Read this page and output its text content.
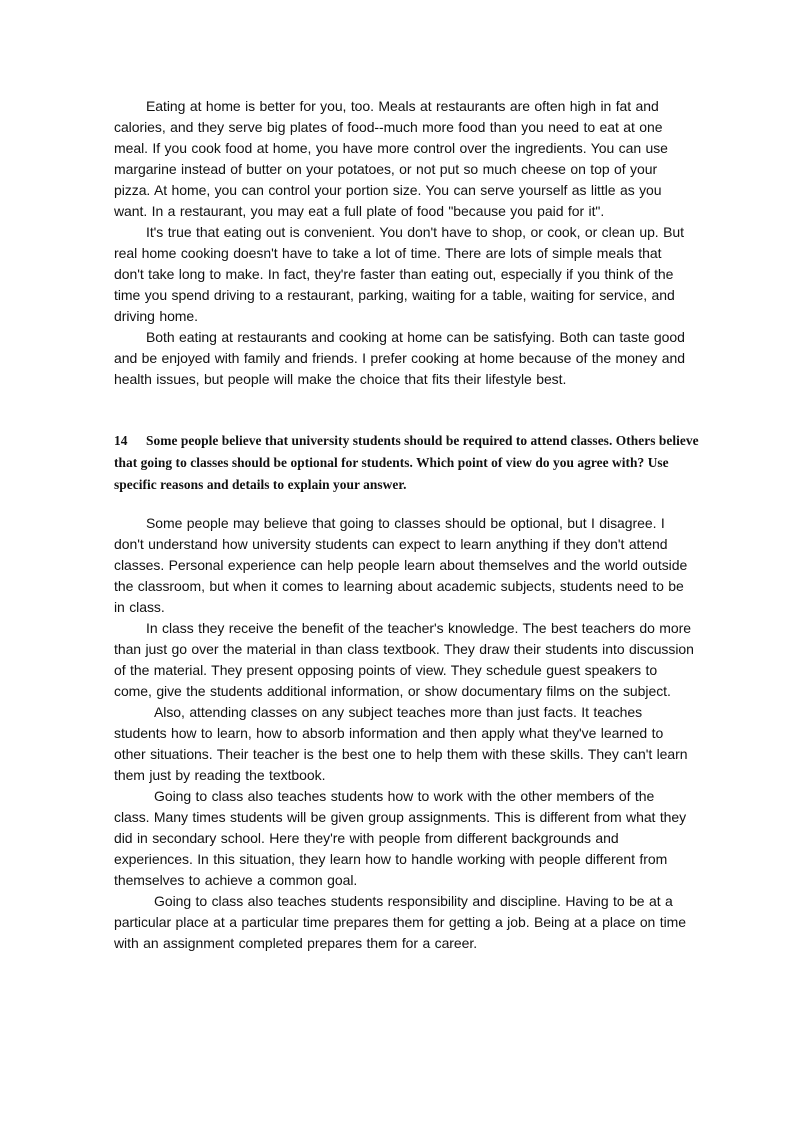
Eating at home is better for you, too. Meals at restaurants are often high in fat and calories, and they serve big plates of food--much more food than you need to eat at one meal. If you cook food at home, you have more control over the ingredients. You can use margarine instead of butter on your potatoes, or not put so much cheese on top of your pizza. At home, you can control your portion size. You can serve yourself as little as you want. In a restaurant, you may eat a full plate of food "because you paid for it".

It's true that eating out is convenient. You don't have to shop, or cook, or clean up. But real home cooking doesn't have to take a lot of time. There are lots of simple meals that don't take long to make. In fact, they're faster than eating out, especially if you think of the time you spend driving to a restaurant, parking, waiting for a table, waiting for service, and driving home.

Both eating at restaurants and cooking at home can be satisfying. Both can taste good and be enjoyed with family and friends. I prefer cooking at home because of the money and health issues, but people will make the choice that fits their lifestyle best.

14 Some people believe that university students should be required to attend classes. Others believe that going to classes should be optional for students. Which point of view do you agree with? Use specific reasons and details to explain your answer.

Some people may believe that going to classes should be optional, but I disagree. I don't understand how university students can expect to learn anything if they don't attend classes. Personal experience can help people learn about themselves and the world outside the classroom, but when it comes to learning about academic subjects, students need to be in class.

In class they receive the benefit of the teacher's knowledge. The best teachers do more than just go over the material in than class textbook. They draw their students into discussion of the material. They present opposing points of view. They schedule guest speakers to come, give the students additional information, or show documentary films on the subject.

Also, attending classes on any subject teaches more than just facts. It teaches students how to learn, how to absorb information and then apply what they've learned to other situations. Their teacher is the best one to help them with these skills. They can't learn them just by reading the textbook.

Going to class also teaches students how to work with the other members of the class. Many times students will be given group assignments. This is different from what they did in secondary school. Here they're with people from different backgrounds and experiences. In this situation, they learn how to handle working with people different from themselves to achieve a common goal.

Going to class also teaches students responsibility and discipline. Having to be at a particular place at a particular time prepares them for getting a job. Being at a place on time with an assignment completed prepares them for a career.
